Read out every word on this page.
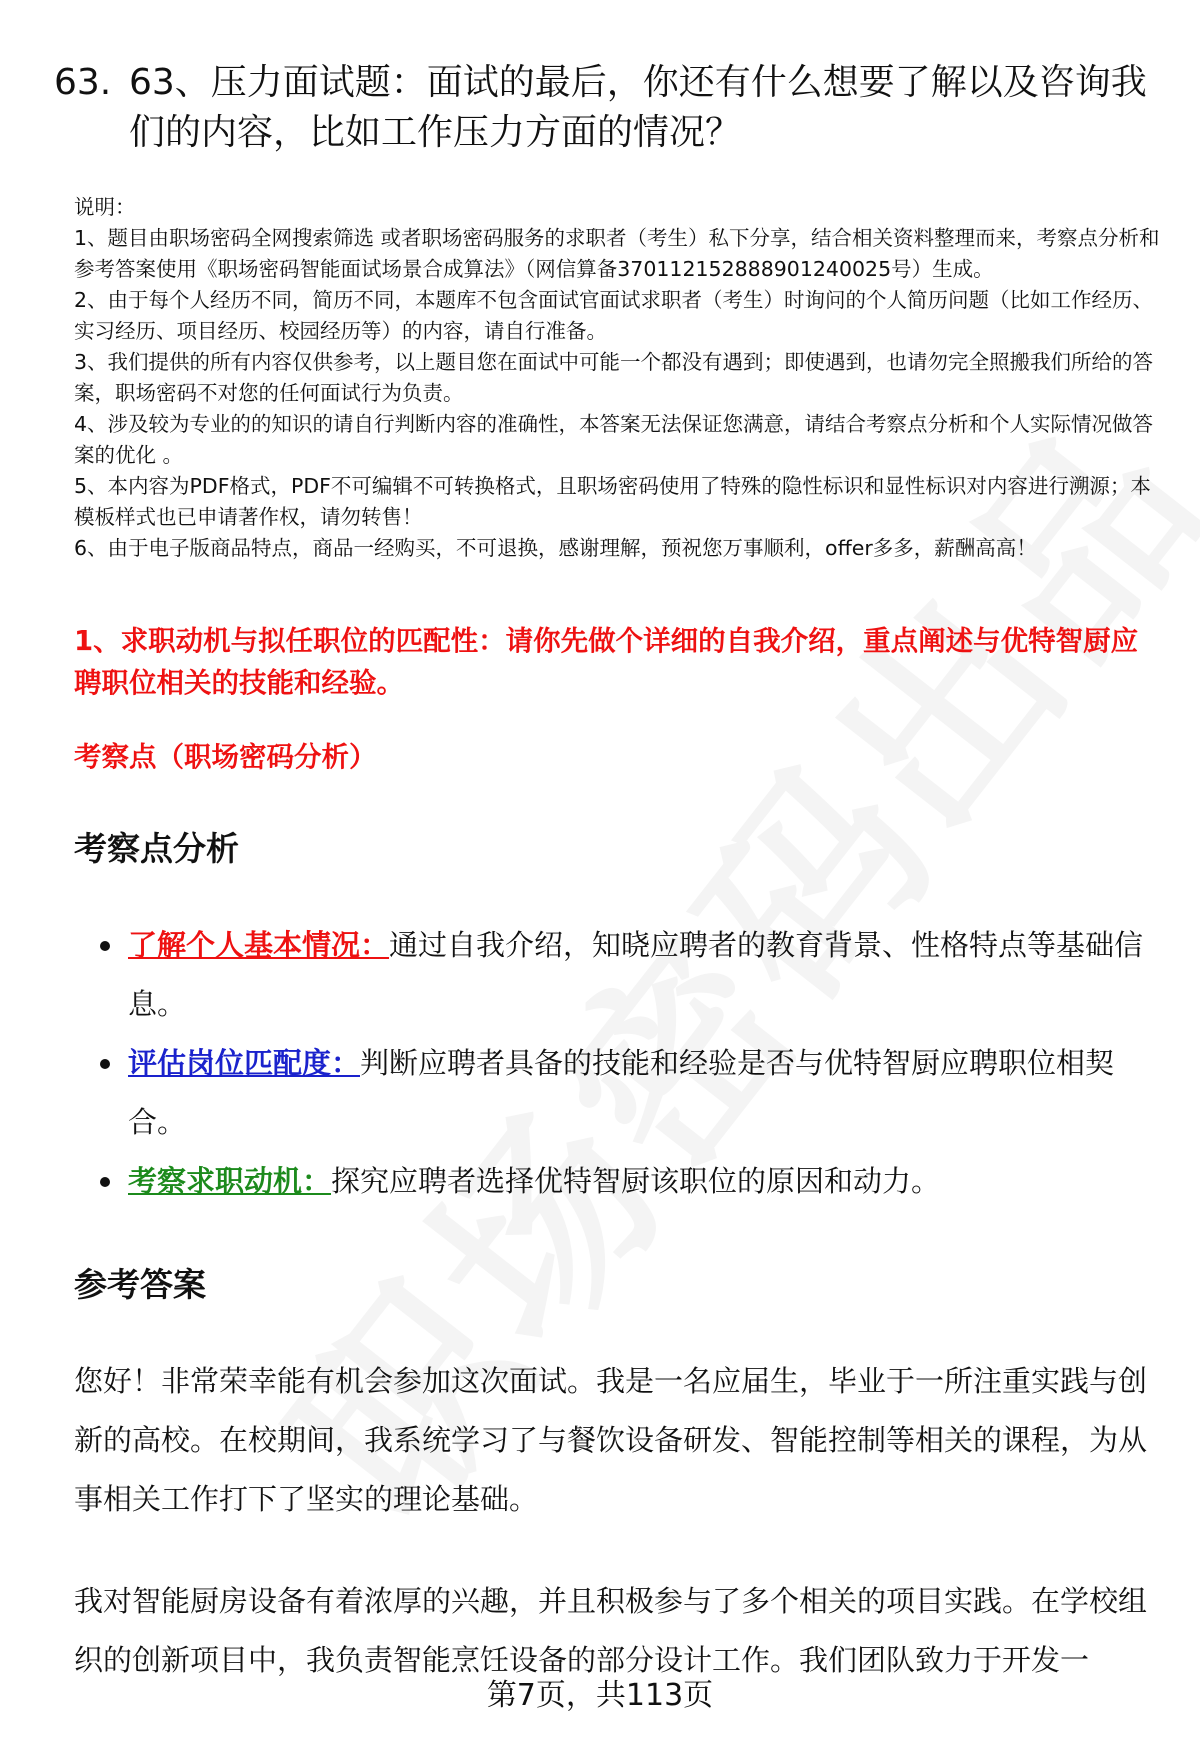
63. 63、压力面试题：面试的最后，你还有什么想要了解以及咨询我们的内容，比如工作压力方面的情况？

说明：

1、题目由职场密码全网搜索筛选 或者职场密码服务的求职者（考生）私下分享，结合相关资料整理而来，考察点分析和参考答案使用《职场密码智能面试场景合成算法》（网信算备370112152888901240025号）生成。

2、由于每个人经历不同，简历不同，本题库不包含面试官面试求职者（考生）时询问的个人简历问题（比如工作经历、实习经历、项目经历、校园经历等）的内容，请自行准备。

3、我们提供的所有内容仅供参考，以上题目您在面试中可能一个都没有遇到；即使遇到，也请勿完全照搬我们所给的答案，职场密码不对您的任何面试行为负责。

4、涉及较为专业的的知识的请自行判断内容的准确性，本答案无法保证您满意，请结合考察点分析和个人实际情况做答案的优化 。

5、本内容为PDF格式，PDF不可编辑不可转换格式，且职场密码使用了特殊的隐性标识和显性标识对内容进行溯源；本模板样式也已申请著作权，请勿转售！

6、由于电子版商品特点，商品一经购买，不可退换，感谢理解，预祝您万事顺利，offer多多，薪酬高高！

1、求职动机与拟任职位的匹配性：请你先做个详细的自我介绍，重点阐述与优特智厨应聘职位相关的技能和经验。
考察点（职场密码分析）
考察点分析
了解个人基本情况：通过自我介绍，知晓应聘者的教育背景、性格特点等基础信息。
评估岗位匹配度：判断应聘者具备的技能和经验是否与优特智厨应聘职位相契合。
考察求职动机：探究应聘者选择优特智厨该职位的原因和动力。
参考答案

您好！非常荣幸能有机会参加这次面试。我是一名应届生，毕业于一所注重实践与创新的高校。在校期间，我系统学习了与餐饮设备研发、智能控制等相关的课程，为从事相关工作打下了坚实的理论基础。

我对智能厨房设备有着浓厚的兴趣，并且积极参与了多个相关的项目实践。在学校组织的创新项目中，我负责智能烹饪设备的部分设计工作。我们团队致力于开发一

第7页，共113页
